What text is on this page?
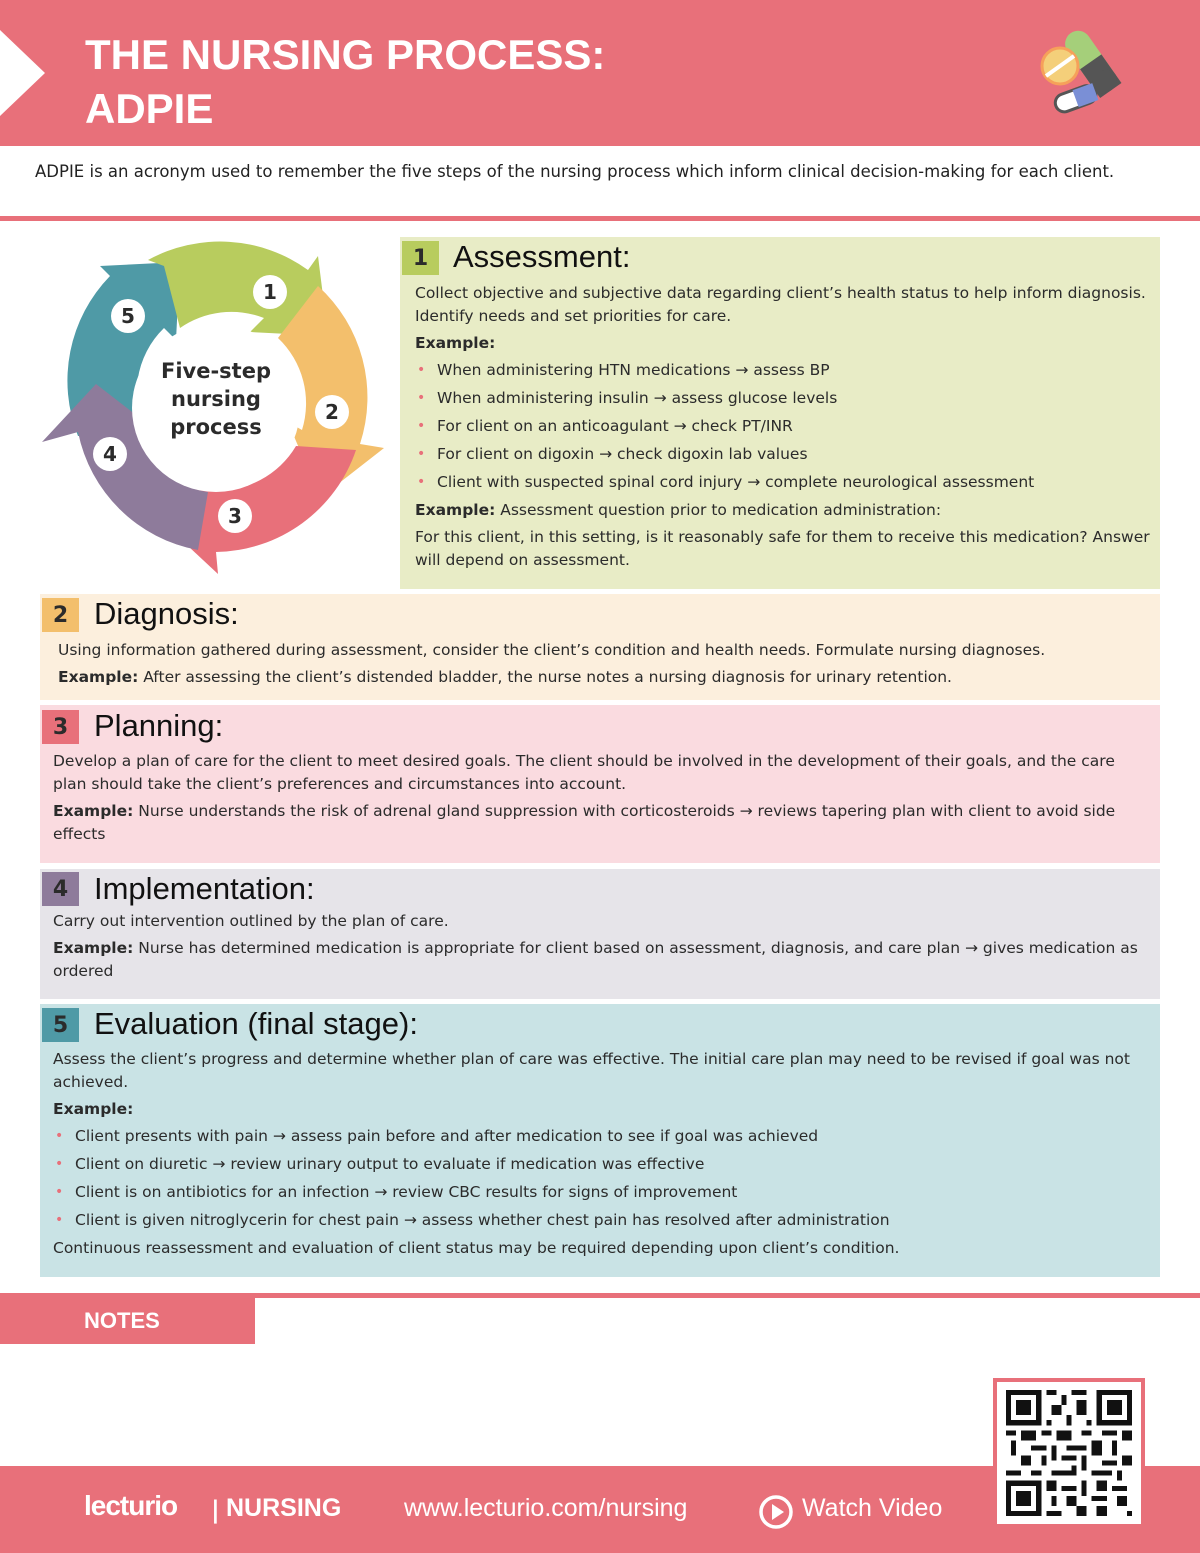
THE NURSING PROCESS:
ADPIE
ADPIE is an acronym used to remember the five steps of the nursing process which inform clinical decision-making for each client.
Five-step
nursing
process
1
2
3
4
5
1 Assessment:

Collect objective and subjective data regarding client’s health status to help inform diagnosis. Identify needs and set priorities for care.

Example:

• When administering HTN medications → assess BP
• When administering insulin → assess glucose levels
• For client on an anticoagulant → check PT/INR
• For client on digoxin → check digoxin lab values
• Client with suspected spinal cord injury → complete neurological assessment

Example: Assessment question prior to medication administration:

For this client, in this setting, is it reasonably safe for them to receive this medication? Answer will depend on assessment.

2 Diagnosis:

Using information gathered during assessment, consider the client’s condition and health needs. Formulate nursing diagnoses.

Example: After assessing the client’s distended bladder, the nurse notes a nursing diagnosis for urinary retention.

3 Planning:

Develop a plan of care for the client to meet desired goals. The client should be involved in the development of their goals, and the care plan should take the client’s preferences and circumstances into account.

Example: Nurse understands the risk of adrenal gland suppression with corticosteroids → reviews tapering plan with client to avoid side effects

4 Implementation:

Carry out intervention outlined by the plan of care.

Example: Nurse has determined medication is appropriate for client based on assessment, diagnosis, and care plan → gives medication as ordered

5 Evaluation (final stage):

Assess the client’s progress and determine whether plan of care was effective. The initial care plan may need to be revised if goal was not achieved.

Example:

• Client presents with pain → assess pain before and after medication to see if goal was achieved
• Client on diuretic → review urinary output to evaluate if medication was effective
• Client is on antibiotics for an infection → review CBC results for signs of improvement
• Client is given nitroglycerin for chest pain → assess whether chest pain has resolved after administration

Continuous reassessment and evaluation of client status may be required depending upon client’s condition.

NOTES
lecturio | NURSING	www.lecturio.com/nursing	Watch Video
